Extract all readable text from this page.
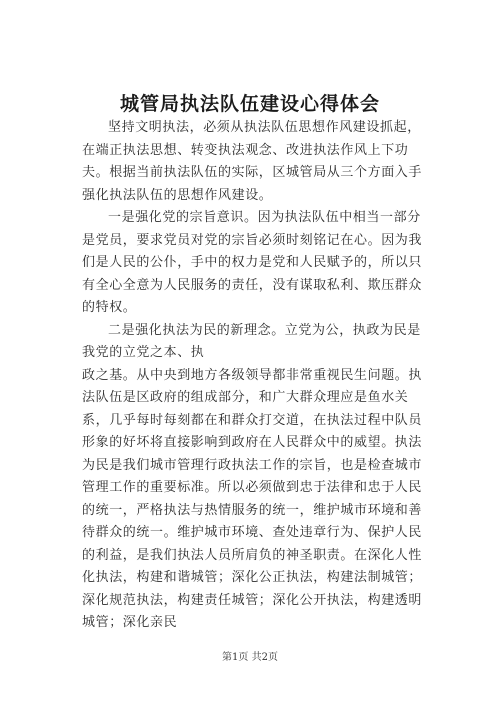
城管局执法队伍建设心得体会

坚持文明执法，必须从执法队伍思想作风建设抓起，在端正执法思想、转变执法观念、改进执法作风上下功夫。根据当前执法队伍的实际，区城管局从三个方面入手强化执法队伍的思想作风建设。

一是强化党的宗旨意识。因为执法队伍中相当一部分是党员，要求党员对党的宗旨必须时刻铭记在心。因为我们是人民的公仆，手中的权力是党和人民赋予的，所以只有全心全意为人民服务的责任，没有谋取私利、欺压群众的特权。

二是强化执法为民的新理念。立党为公，执政为民是我党的立党之本、执

政之基。从中央到地方各级领导都非常重视民生问题。执法队伍是区政府的组成部分，和广大群众理应是鱼水关系，几乎每时每刻都在和群众打交道，在执法过程中队员形象的好坏将直接影响到政府在人民群众中的威望。执法为民是我们城市管理行政执法工作的宗旨，也是检查城市管理工作的重要标准。所以必须做到忠于法律和忠于人民的统一，严格执法与热情服务的统一，维护城市环境和善待群众的统一。维护城市环境、查处违章行为、保护人民的利益，是我们执法人员所肩负的神圣职责。在深化人性化执法，构建和谐城管；深化公正执法，构建法制城管；深化规范执法，构建责任城管；深化公开执法，构建透明城管；深化亲民

第1页 共2页
